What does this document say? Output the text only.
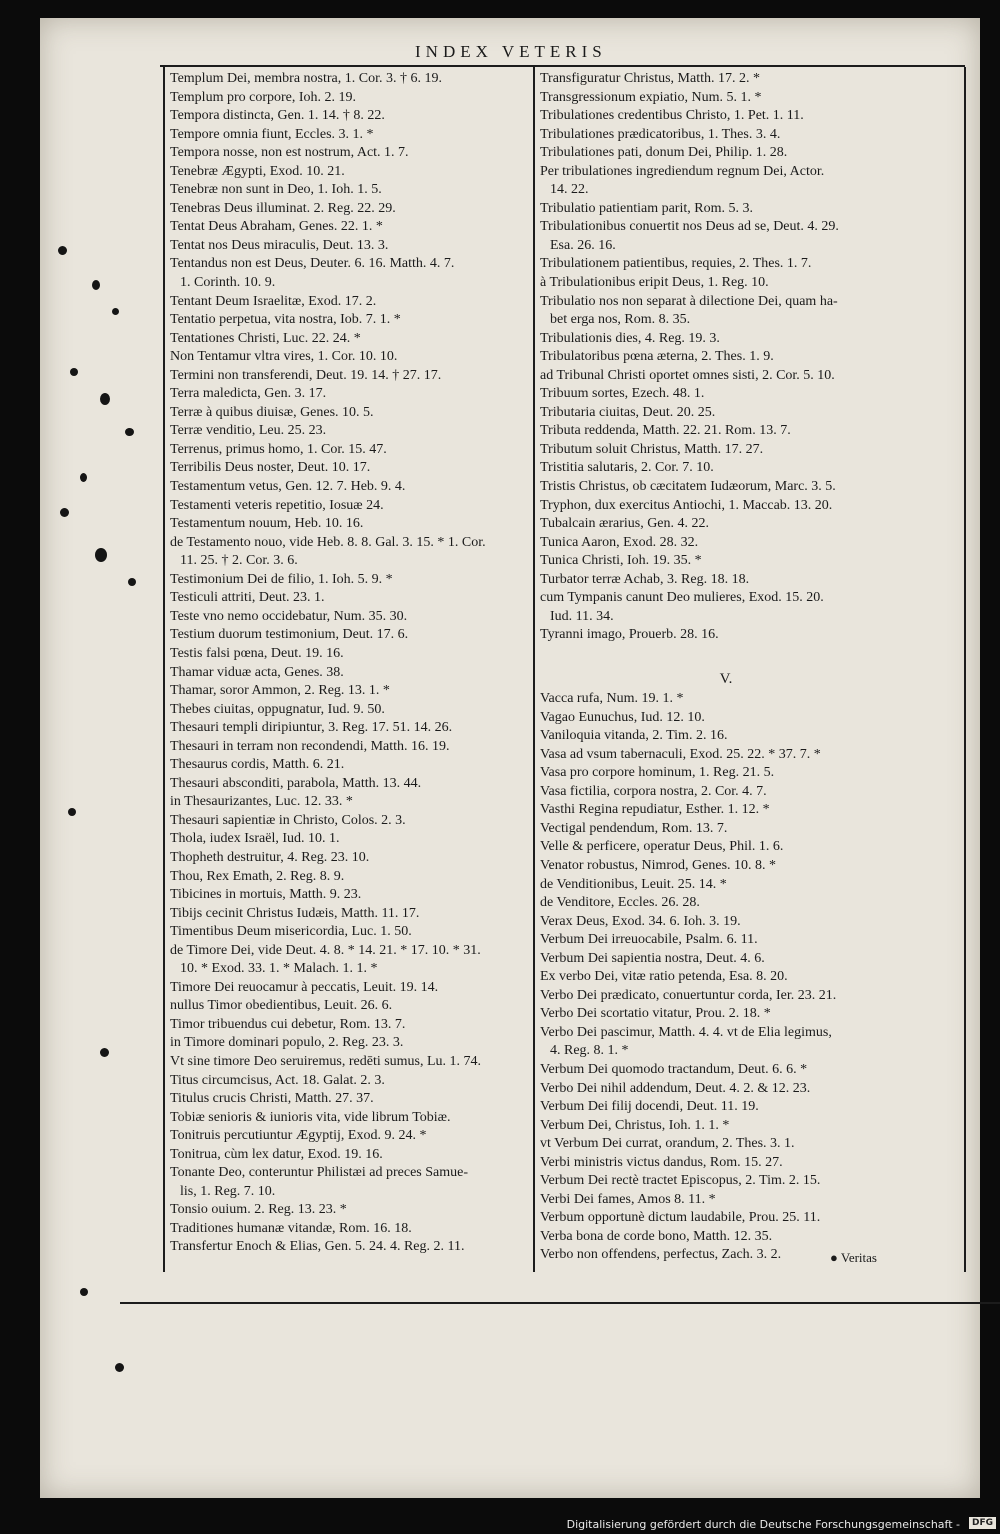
INDEX VETERIS
Templum Dei, membra nostra, 1. Cor. 3. † 6. 19.
Templum pro corpore, Ioh. 2. 19.
Tempora distincta, Gen. 1. 14. † 8. 22.
Tempore omnia fiunt, Eccles. 3. 1. *
Tempora nosse, non est nostrum, Act. 1. 7.
Tenebræ Ægypti, Exod. 10. 21.
Tenebræ non sunt in Deo, 1. Ioh. 1. 5.
Tenebras Deus illuminat. 2. Reg. 22. 29.
Tentat Deus Abraham, Genes. 22. 1. *
Tentat nos Deus miraculis, Deut. 13. 3.
Tentandus non est Deus, Deuter. 6. 16. Matth. 4. 7.
1. Corinth. 10. 9.
Tentant Deum Israelitæ, Exod. 17. 2.
Tentatio perpetua, vita nostra, Iob. 7. 1. *
Tentationes Christi, Luc. 22. 24. *
Non Tentamur vltra vires, 1. Cor. 10. 10.
Termini non transferendi, Deut. 19. 14. † 27. 17.
Terra maledicta, Gen. 3. 17.
Terræ à quibus diuisæ, Genes. 10. 5.
Terræ venditio, Leu. 25. 23.
Terrenus, primus homo, 1. Cor. 15. 47.
Terribilis Deus noster, Deut. 10. 17.
Testamentum vetus, Gen. 12. 7. Heb. 9. 4.
Testamenti veteris repetitio, Iosuæ 24.
Testamentum nouum, Heb. 10. 16.
de Testamento nouo, vide Heb. 8. 8. Gal. 3. 15. * 1. Cor.
11. 25. † 2. Cor. 3. 6.
Testimonium Dei de filio, 1. Ioh. 5. 9. *
Testiculi attriti, Deut. 23. 1.
Teste vno nemo occidebatur, Num. 35. 30.
Testium duorum testimonium, Deut. 17. 6.
Testis falsi pœna, Deut. 19. 16.
Thamar viduæ acta, Genes. 38.
Thamar, soror Ammon, 2. Reg. 13. 1. *
Thebes ciuitas, oppugnatur, Iud. 9. 50.
Thesauri templi diripiuntur, 3. Reg. 17. 51. 14. 26.
Thesauri in terram non recondendi, Matth. 16. 19.
Thesaurus cordis, Matth. 6. 21.
Thesauri absconditi, parabola, Matth. 13. 44.
in Thesaurizantes, Luc. 12. 33. *
Thesauri sapientiæ in Christo, Colos. 2. 3.
Thola, iudex Israël, Iud. 10. 1.
Thopheth destruitur, 4. Reg. 23. 10.
Thou, Rex Emath, 2. Reg. 8. 9.
Tibicines in mortuis, Matth. 9. 23.
Tibijs cecinit Christus Iudæis, Matth. 11. 17.
Timentibus Deum misericordia, Luc. 1. 50.
de Timore Dei, vide Deut. 4. 8. * 14. 21. * 17. 10. * 31.
10. * Exod. 33. 1. * Malach. 1. 1. *
Timore Dei reuocamur à peccatis, Leuit. 19. 14.
nullus Timor obedientibus, Leuit. 26. 6.
Timor tribuendus cui debetur, Rom. 13. 7.
in Timore dominari populo, 2. Reg. 23. 3.
Vt sine timore Deo seruiremus, redēti sumus, Lu. 1. 74.
Titus circumcisus, Act. 18. Galat. 2. 3.
Titulus crucis Christi, Matth. 27. 37.
Tobiæ senioris & iunioris vita, vide librum Tobiæ.
Tonitruis percutiuntur Ægyptij, Exod. 9. 24. *
Tonitrua, cùm lex datur, Exod. 19. 16.
Tonante Deo, conteruntur Philistæi ad preces Samue-
lis, 1. Reg. 7. 10.
Tonsio ouium. 2. Reg. 13. 23. *
Traditiones humanæ vitandæ, Rom. 16. 18.
Transfertur Enoch & Elias, Gen. 5. 24. 4. Reg. 2. 11.
Transfiguratur Christus, Matth. 17. 2. *
Transgressionum expiatio, Num. 5. 1. *
Tribulationes credentibus Christo, 1. Pet. 1. 11.
Tribulationes prædicatoribus, 1. Thes. 3. 4.
Tribulationes pati, donum Dei, Philip. 1. 28.
Per tribulationes ingrediendum regnum Dei, Actor.
14. 22.
Tribulatio patientiam parit, Rom. 5. 3.
Tribulationibus conuertit nos Deus ad se, Deut. 4. 29.
Esa. 26. 16.
Tribulationem patientibus, requies, 2. Thes. 1. 7.
à Tribulationibus eripit Deus, 1. Reg. 10.
Tribulatio nos non separat à dilectione Dei, quam ha-
bet erga nos, Rom. 8. 35.
Tribulationis dies, 4. Reg. 19. 3.
Tribulatoribus pœna æterna, 2. Thes. 1. 9.
ad Tribunal Christi oportet omnes sisti, 2. Cor. 5. 10.
Tribuum sortes, Ezech. 48. 1.
Tributaria ciuitas, Deut. 20. 25.
Tributa reddenda, Matth. 22. 21. Rom. 13. 7.
Tributum soluit Christus, Matth. 17. 27.
Tristitia salutaris, 2. Cor. 7. 10.
Tristis Christus, ob cæcitatem Iudæorum, Marc. 3. 5.
Tryphon, dux exercitus Antiochi, 1. Maccab. 13. 20.
Tubalcain ærarius, Gen. 4. 22.
Tunica Aaron, Exod. 28. 32.
Tunica Christi, Ioh. 19. 35. *
Turbator terræ Achab, 3. Reg. 18. 18.
cum Tympanis canunt Deo mulieres, Exod. 15. 20.
Iud. 11. 34.
Tyranni imago, Prouerb. 28. 16.
V.
Vacca rufa, Num. 19. 1. *
Vagao Eunuchus, Iud. 12. 10.
Vaniloquia vitanda, 2. Tim. 2. 16.
Vasa ad vsum tabernaculi, Exod. 25. 22. * 37. 7. *
Vasa pro corpore hominum, 1. Reg. 21. 5.
Vasa fictilia, corpora nostra, 2. Cor. 4. 7.
Vasthi Regina repudiatur, Esther. 1. 12. *
Vectigal pendendum, Rom. 13. 7.
Velle & perficere, operatur Deus, Phil. 1. 6.
Venator robustus, Nimrod, Genes. 10. 8. *
de Venditionibus, Leuit. 25. 14. *
de Venditore, Eccles. 26. 28.
Verax Deus, Exod. 34. 6. Ioh. 3. 19.
Verbum Dei irreuocabile, Psalm. 6. 11.
Verbum Dei sapientia nostra, Deut. 4. 6.
Ex verbo Dei, vitæ ratio petenda, Esa. 8. 20.
Verbo Dei prædicato, conuertuntur corda, Ier. 23. 21.
Verbo Dei scortatio vitatur, Prou. 2. 18. *
Verbo Dei pascimur, Matth. 4. 4. vt de Elia legimus,
4. Reg. 8. 1. *
Verbum Dei quomodo tractandum, Deut. 6. 6. *
Verbo Dei nihil addendum, Deut. 4. 2. & 12. 23.
Verbum Dei filij docendi, Deut. 11. 19.
Verbum Dei, Christus, Ioh. 1. 1. *
vt Verbum Dei currat, orandum, 2. Thes. 3. 1.
Verbi ministris victus dandus, Rom. 15. 27.
Verbum Dei rectè tractet Episcopus, 2. Tim. 2. 15.
Verbi Dei fames, Amos 8. 11. *
Verbum opportunè dictum laudabile, Prou. 25. 11.
Verba bona de corde bono, Matth. 12. 35.
Verbo non offendens, perfectus, Zach. 3. 2.	● Veritas
Digitalisierung gefördert durch die Deutsche Forschungsgemeinschaft -	DFG
